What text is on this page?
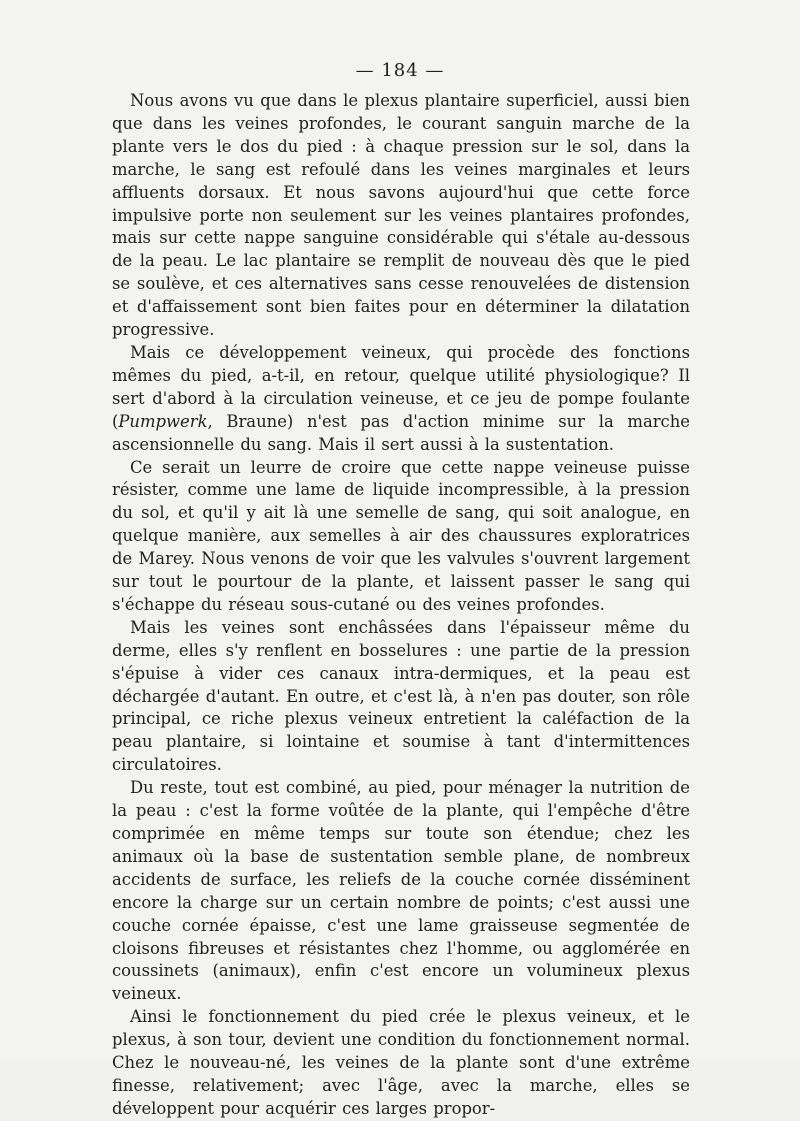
— 184 —

Nous avons vu que dans le plexus plantaire superficiel, aussi bien que dans les veines profondes, le courant sanguin marche de la plante vers le dos du pied : à chaque pression sur le sol, dans la marche, le sang est refoulé dans les veines marginales et leurs affluents dorsaux. Et nous savons aujourd'hui que cette force impulsive porte non seulement sur les veines plantaires profondes, mais sur cette nappe sanguine considérable qui s'étale au-dessous de la peau. Le lac plantaire se remplit de nouveau dès que le pied se soulève, et ces alternatives sans cesse renouvelées de distension et d'affaissement sont bien faites pour en déterminer la dilatation progressive.

Mais ce développement veineux, qui procède des fonctions mêmes du pied, a-t-il, en retour, quelque utilité physiologique? Il sert d'abord à la circulation veineuse, et ce jeu de pompe foulante (Pumpwerk, Braune) n'est pas d'action minime sur la marche ascensionnelle du sang. Mais il sert aussi à la sustentation.

Ce serait un leurre de croire que cette nappe veineuse puisse résister, comme une lame de liquide incompressible, à la pression du sol, et qu'il y ait là une semelle de sang, qui soit analogue, en quelque manière, aux semelles à air des chaussures exploratrices de Marey. Nous venons de voir que les valvules s'ouvrent largement sur tout le pourtour de la plante, et laissent passer le sang qui s'échappe du réseau sous-cutané ou des veines profondes.

Mais les veines sont enchâssées dans l'épaisseur même du derme, elles s'y renflent en bosselures : une partie de la pression s'épuise à vider ces canaux intra-dermiques, et la peau est déchargée d'autant. En outre, et c'est là, à n'en pas douter, son rôle principal, ce riche plexus veineux entretient la caléfaction de la peau plantaire, si lointaine et soumise à tant d'intermittences circulatoires.

Du reste, tout est combiné, au pied, pour ménager la nutrition de la peau : c'est la forme voûtée de la plante, qui l'empêche d'être comprimée en même temps sur toute son étendue; chez les animaux où la base de sustentation semble plane, de nombreux accidents de surface, les reliefs de la couche cornée disséminent encore la charge sur un certain nombre de points; c'est aussi une couche cornée épaisse, c'est une lame graisseuse segmentée de cloisons fibreuses et résistantes chez l'homme, ou agglomérée en coussinets (animaux), enfin c'est encore un volumineux plexus veineux.

Ainsi le fonctionnement du pied crée le plexus veineux, et le plexus, à son tour, devient une condition du fonctionnement normal. Chez le nouveau-né, les veines de la plante sont d'une extrême finesse, relativement; avec l'âge, avec la marche, elles se développent pour acquérir ces larges propor-
